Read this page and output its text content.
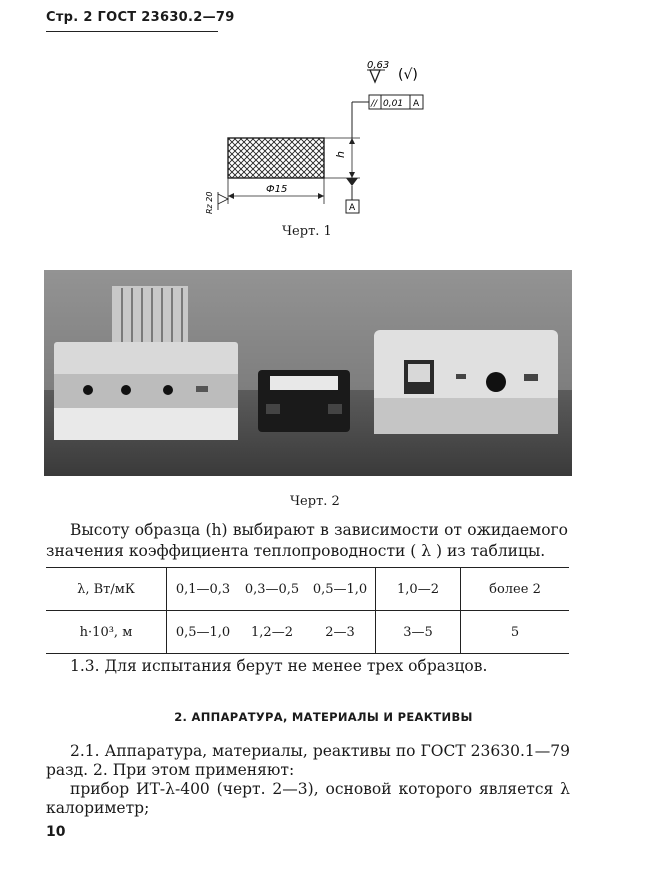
Стр. 2 ГОСТ 23630.2—79
0,63
(√)
// 0,01 A
h
A
Ф15
Rz 20
Черт. 1
Черт. 2
Высоту образца (h) выбирают в зависимости от ожидаемого
значения коэффициента теплопроводности ( λ ) из таблицы.
λ, Вт/мК	0,1—0,3	0,3—0,5	0,5—1,0	1,0—2	более 2
h·10³, м	0,5—1,0	1,2—2	2—3	3—5	5
1.3. Для испытания берут не менее трех образцов.
2. АППАРАТУРА, МАТЕРИАЛЫ И РЕАКТИВЫ
2.1. Аппаратура, материалы, реактивы по ГОСТ 23630.1—79
разд. 2. При этом применяют:
прибор ИТ-λ-400 (черт. 2—3), основой которого является λ
калориметр;
10
